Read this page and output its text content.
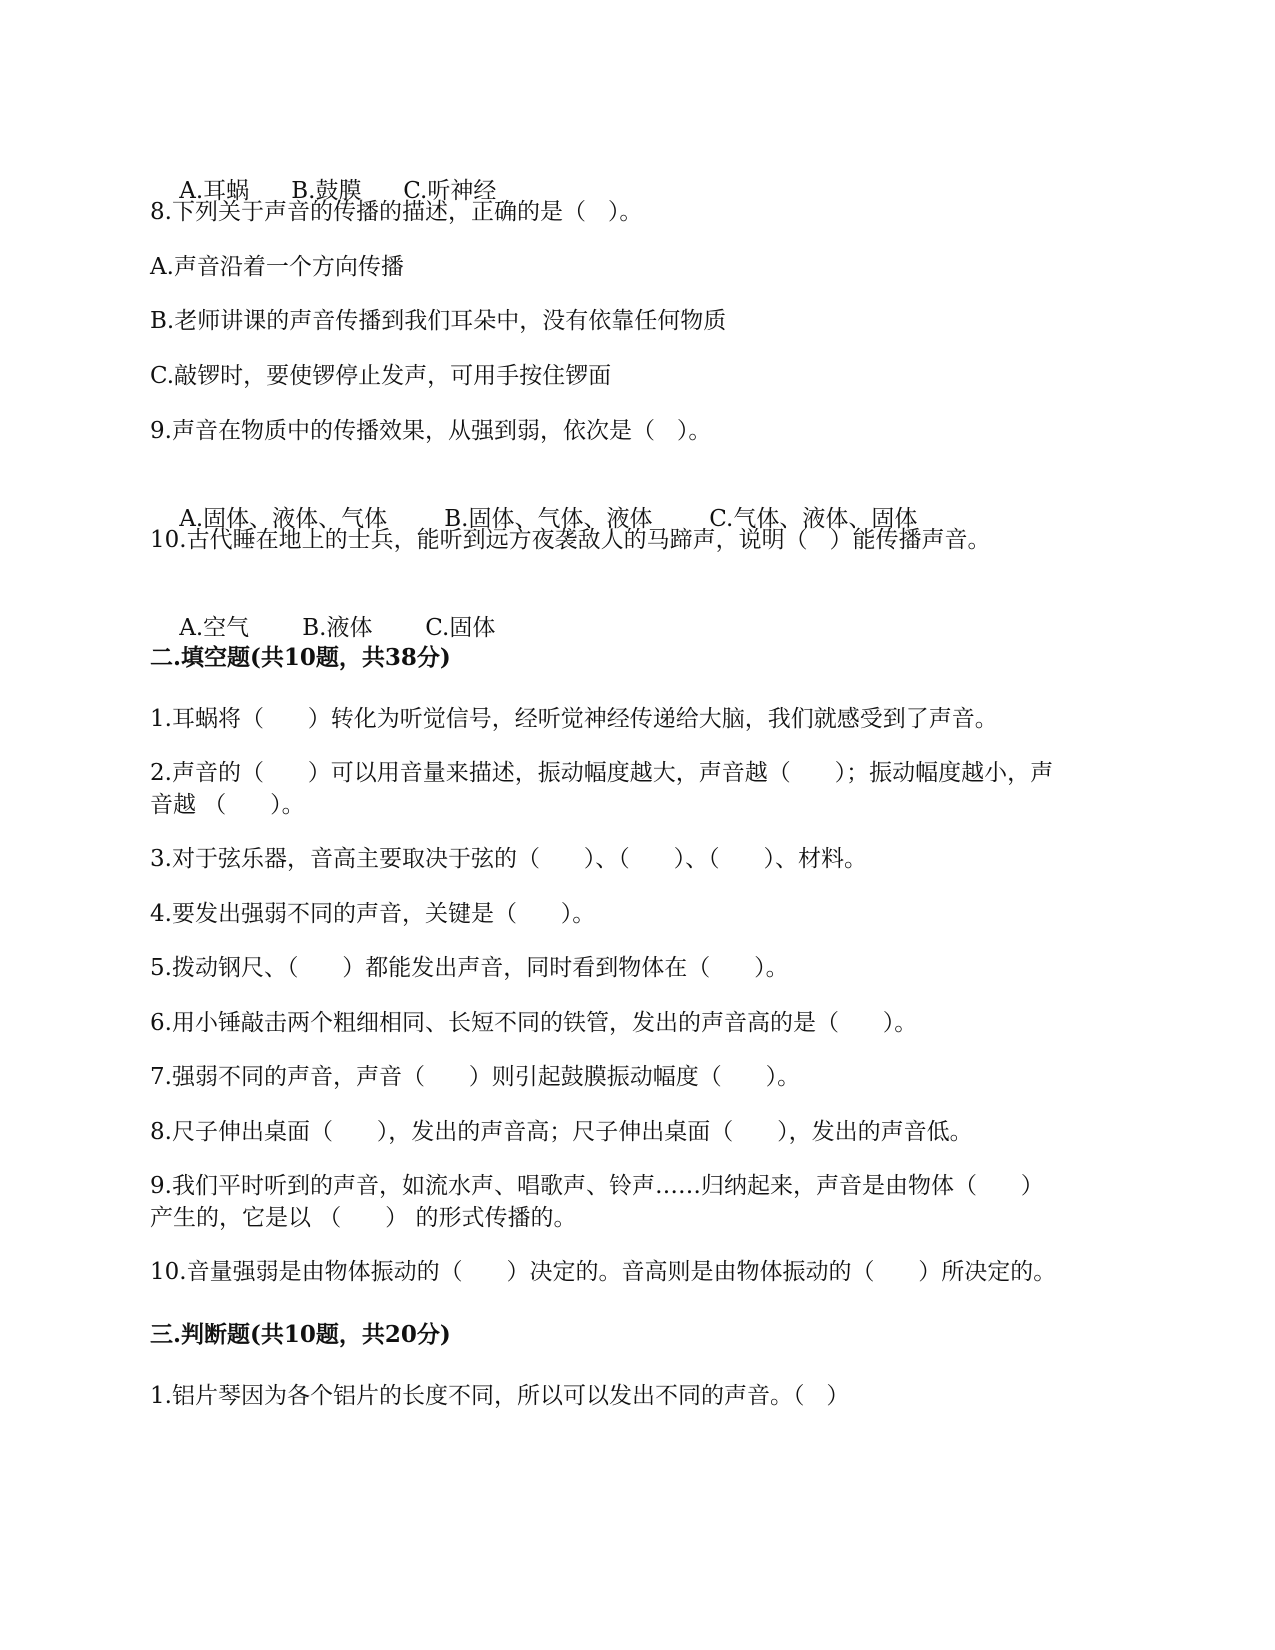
A.耳蜗 B.鼓膜 C.听神经

8.下列关于声音的传播的描述，正确的是（   ）。
A.声音沿着一个方向传播
B.老师讲课的声音传播到我们耳朵中，没有依靠任何物质
C.敲锣时，要使锣停止发声，可用手按住锣面
9.声音在物质中的传播效果，从强到弱，依次是（   ）。

A.固体、液体、气体 B.固体、气体、液体 C.气体、液体、固体

10.古代睡在地上的士兵，能听到远方夜袭敌人的马蹄声，说明（   ）能传播声音。

A.空气 B.液体 C.固体

二.填空题(共10题，共38分)
1.耳蜗将（      ）转化为听觉信号，经听觉神经传递给大脑，我们就感受到了声音。
2.声音的（      ）可以用音量来描述，振动幅度越大，声音越（      ）；振动幅度越小，声
音越 （      ）。
3.对于弦乐器，音高主要取决于弦的（      ）、（      ）、（      ）、材料。
4.要发出强弱不同的声音，关键是（      ）。
5.拨动钢尺、（      ）都能发出声音，同时看到物体在（      ）。
6.用小锤敲击两个粗细相同、长短不同的铁管，发出的声音高的是（      ）。
7.强弱不同的声音，声音（      ）则引起鼓膜振动幅度（      ）。
8.尺子伸出桌面（      ），发出的声音高；尺子伸出桌面（      ），发出的声音低。
9.我们平时听到的声音，如流水声、唱歌声、铃声……归纳起来，声音是由物体（      ）
产生的，它是以 （      ） 的形式传播的。
10.音量强弱是由物体振动的（      ）决定的。音高则是由物体振动的（      ）所决定的。
三.判断题(共10题，共20分)
1.铝片琴因为各个铝片的长度不同，所以可以发出不同的声音。（   ）
